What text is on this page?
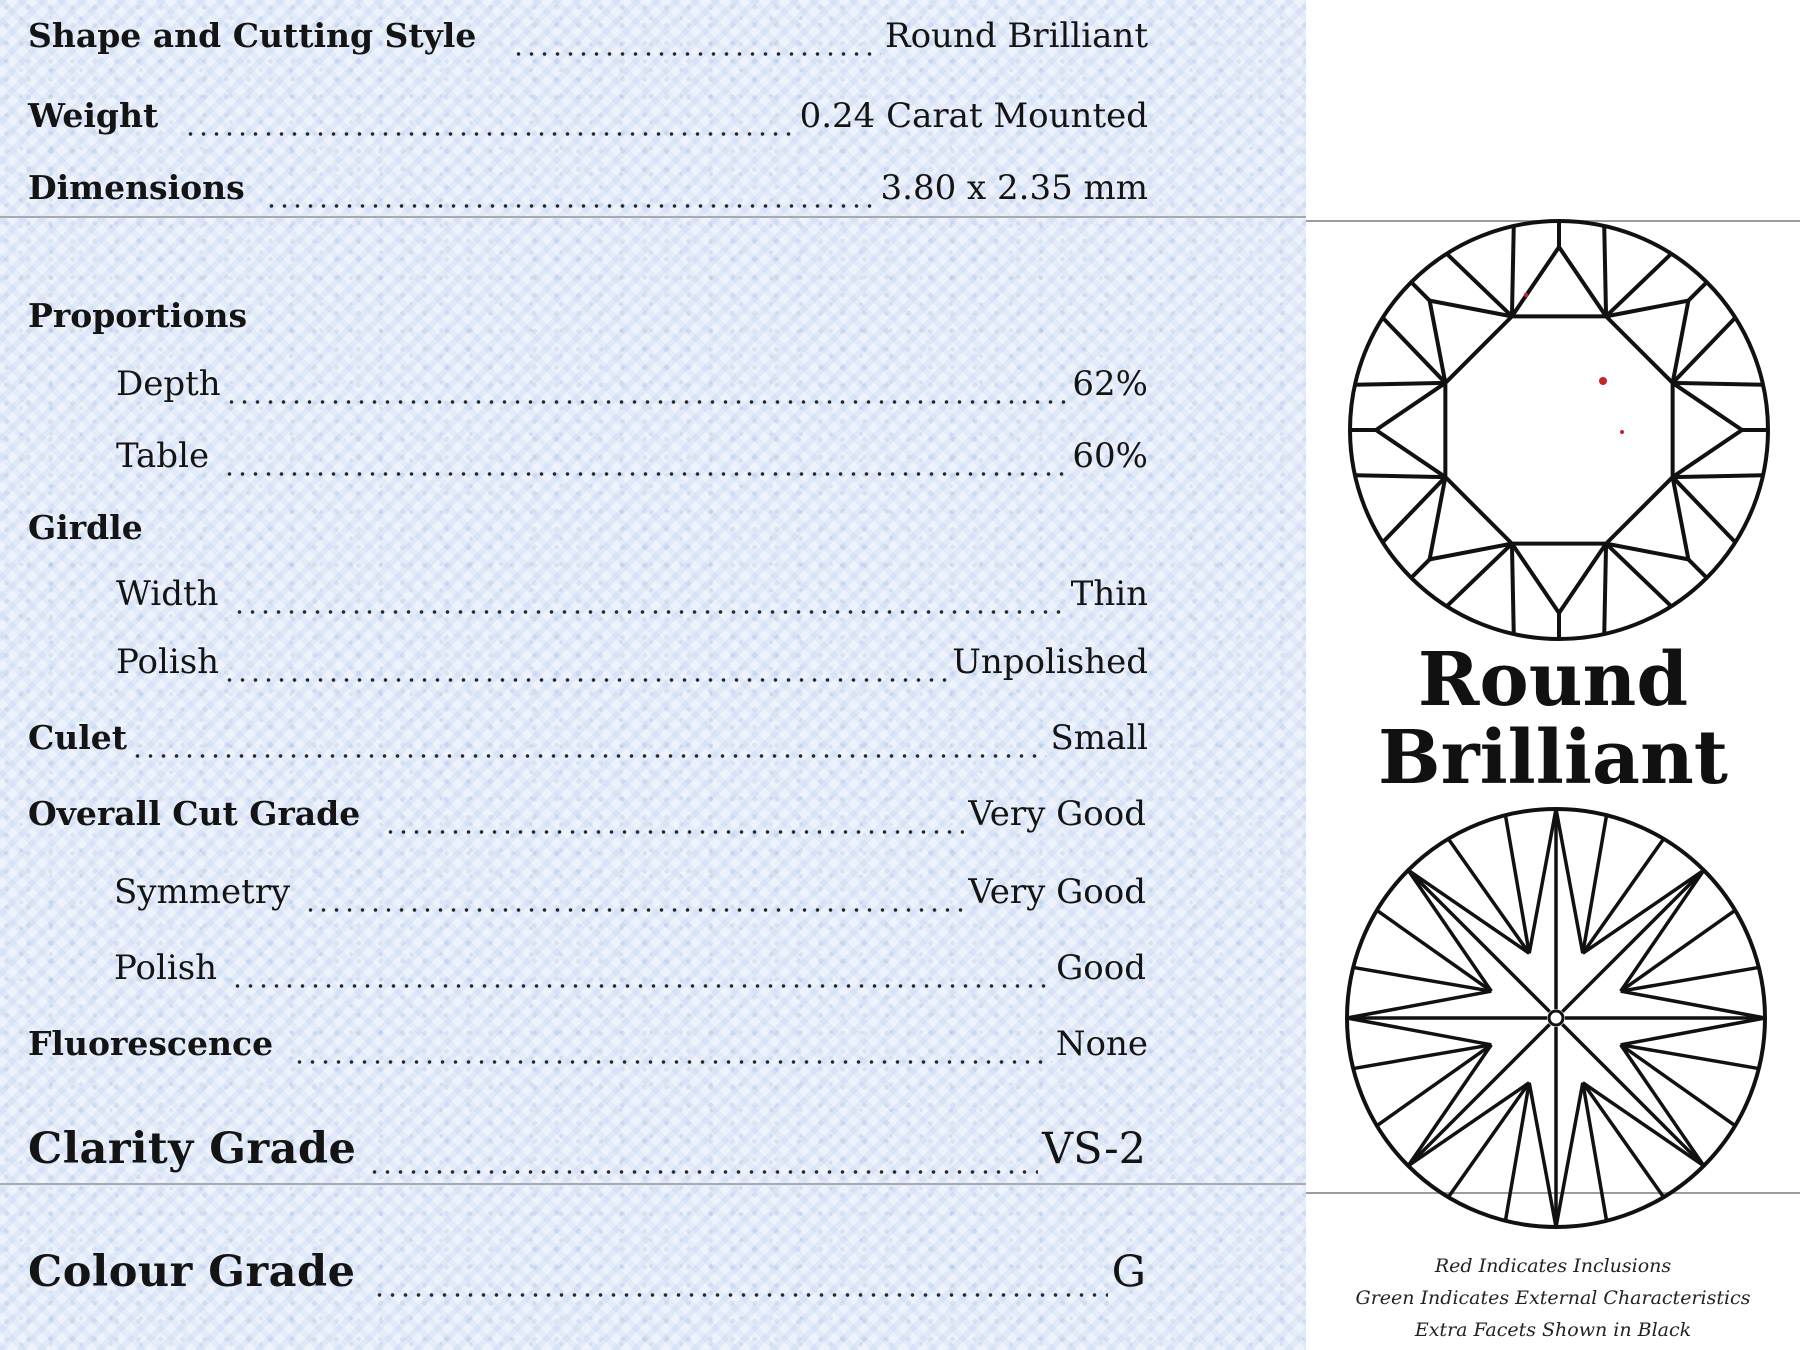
Shape and Cutting Style	Round Brilliant
Weight	0.24 Carat Mounted
Dimensions	3.80 x 2.35 mm
Proportions
Depth	62%
Table	60%
Girdle
Width	Thin
Polish	Unpolished
Culet	Small
Overall Cut Grade	Very Good
Symmetry	Very Good
Polish	Good
Fluorescence	None
Clarity Grade	VS-2
Colour Grade	G
Round
Brilliant
Red Indicates Inclusions
Green Indicates External Characteristics
Extra Facets Shown in Black
